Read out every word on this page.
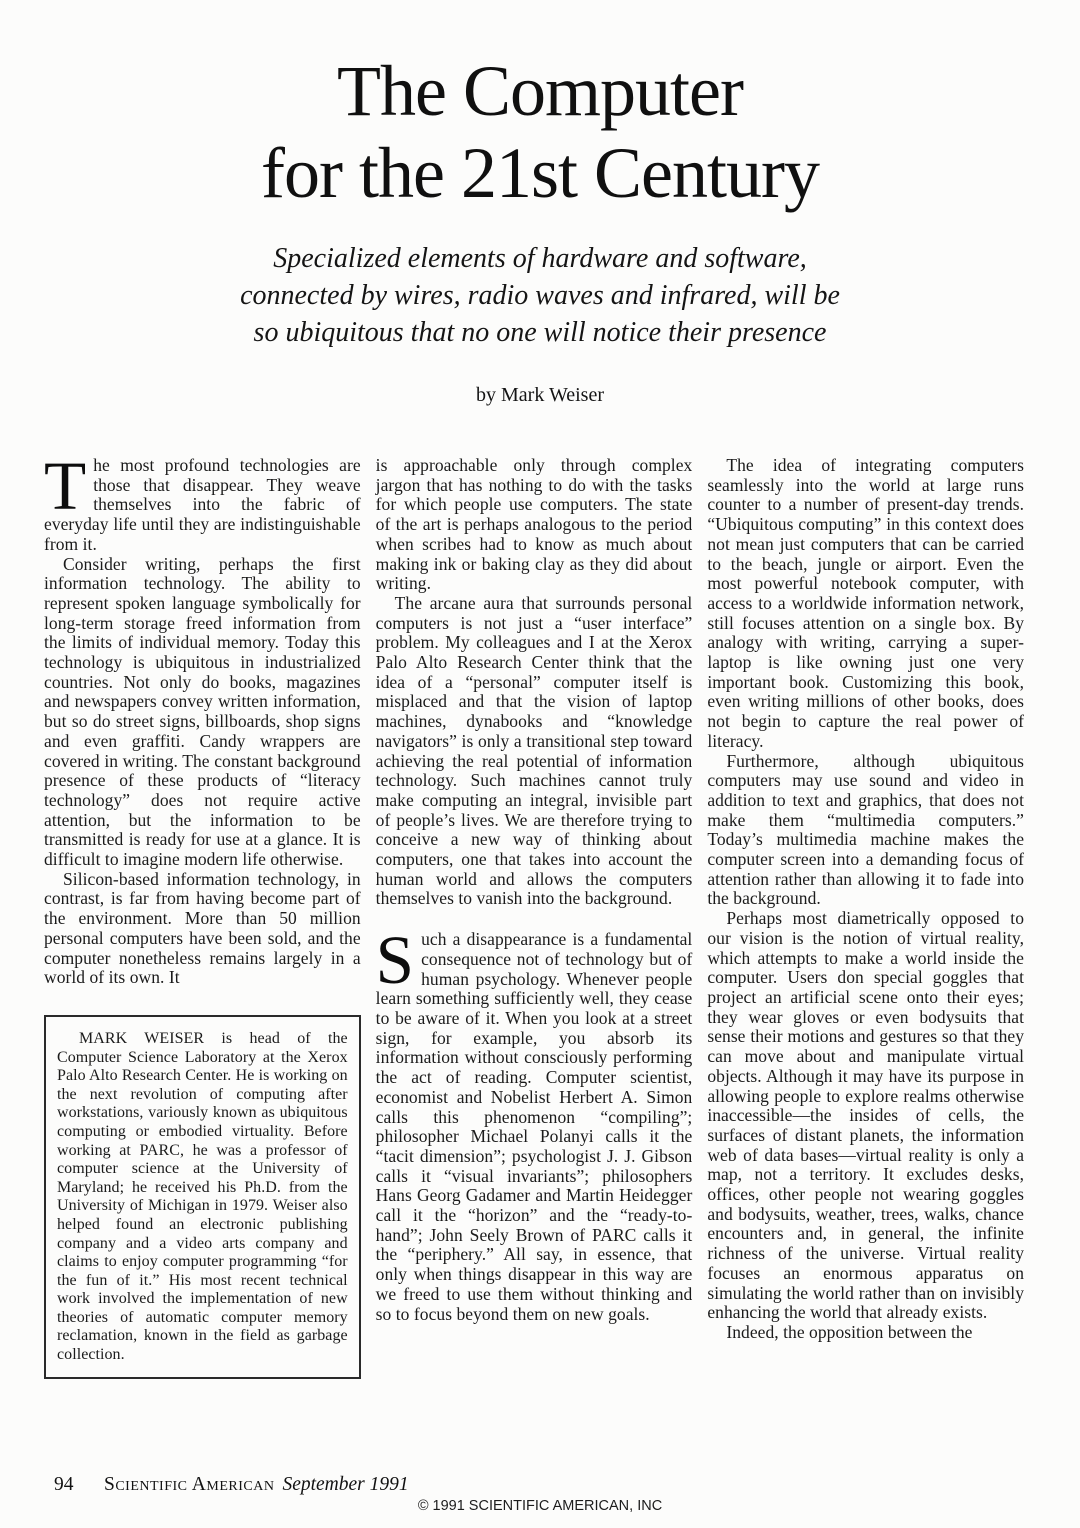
The Computer
for the 21st Century
Specialized elements of hardware and software,
connected by wires, radio waves and infrared, will be
so ubiquitous that no one will notice their presence
by Mark Weiser

The most profound technologies are those that disappear. They weave themselves into the fabric of everyday life until they are indistinguishable from it.

Consider writing, perhaps the first information technology. The ability to represent spoken language symbolically for long-term storage freed information from the limits of individual memory. Today this technology is ubiquitous in industrialized countries. Not only do books, magazines and newspapers convey written information, but so do street signs, billboards, shop signs and even graffiti. Candy wrappers are covered in writing. The constant background presence of these products of “literacy technology” does not require active attention, but the information to be transmitted is ready for use at a glance. It is difficult to imagine modern life otherwise.

Silicon-based information technology, in contrast, is far from having become part of the environment. More than 50 million personal computers have been sold, and the computer nonetheless remains largely in a world of its own. It

MARK WEISER is head of the Computer Science Laboratory at the Xerox Palo Alto Research Center. He is working on the next revolution of computing after workstations, variously known as ubiquitous computing or embodied virtuality. Before working at PARC, he was a professor of computer science at the University of Maryland; he received his Ph.D. from the University of Michigan in 1979. Weiser also helped found an electronic publishing company and a video arts company and claims to enjoy computer programming “for the fun of it.” His most recent technical work involved the implementation of new theories of automatic computer memory reclamation, known in the field as garbage collection.

is approachable only through complex jargon that has nothing to do with the tasks for which people use computers. The state of the art is perhaps analogous to the period when scribes had to know as much about making ink or baking clay as they did about writing.

The arcane aura that surrounds personal computers is not just a “user interface” problem. My colleagues and I at the Xerox Palo Alto Research Center think that the idea of a “personal” computer itself is misplaced and that the vision of laptop machines, dynabooks and “knowledge navigators” is only a transitional step toward achieving the real potential of information technology. Such machines cannot truly make computing an integral, invisible part of people’s lives. We are therefore trying to conceive a new way of thinking about computers, one that takes into account the human world and allows the computers themselves to vanish into the background.

Such a disappearance is a fundamental consequence not of technology but of human psychology. Whenever people learn something sufficiently well, they cease to be aware of it. When you look at a street sign, for example, you absorb its information without consciously performing the act of reading. Computer scientist, economist and Nobelist Herbert A. Simon calls this phenomenon “compiling”; philosopher Michael Polanyi calls it the “tacit dimension”; psychologist J. J. Gibson calls it “visual invariants”; philosophers Hans Georg Gadamer and Martin Heidegger call it the “horizon” and the “ready-to-hand”; John Seely Brown of PARC calls it the “periphery.” All say, in essence, that only when things disappear in this way are we freed to use them without thinking and so to focus beyond them on new goals.

The idea of integrating computers seamlessly into the world at large runs counter to a number of present-day trends. “Ubiquitous computing” in this context does not mean just computers that can be carried to the beach, jungle or airport. Even the most powerful notebook computer, with access to a worldwide information network, still focuses attention on a single box. By analogy with writing, carrying a super-laptop is like owning just one very important book. Customizing this book, even writing millions of other books, does not begin to capture the real power of literacy.

Furthermore, although ubiquitous computers may use sound and video in addition to text and graphics, that does not make them “multimedia computers.” Today’s multimedia machine makes the computer screen into a demanding focus of attention rather than allowing it to fade into the background.

Perhaps most diametrically opposed to our vision is the notion of virtual reality, which attempts to make a world inside the computer. Users don special goggles that project an artificial scene onto their eyes; they wear gloves or even bodysuits that sense their motions and gestures so that they can move about and manipulate virtual objects. Although it may have its purpose in allowing people to explore realms otherwise inaccessible—the insides of cells, the surfaces of distant planets, the information web of data bases—virtual reality is only a map, not a territory. It excludes desks, offices, other people not wearing goggles and bodysuits, weather, trees, walks, chance encounters and, in general, the infinite richness of the universe. Virtual reality focuses an enormous apparatus on simulating the world rather than on invisibly enhancing the world that already exists.

Indeed, the opposition between the

94 Scientific American September 1991
© 1991 SCIENTIFIC AMERICAN, INC
